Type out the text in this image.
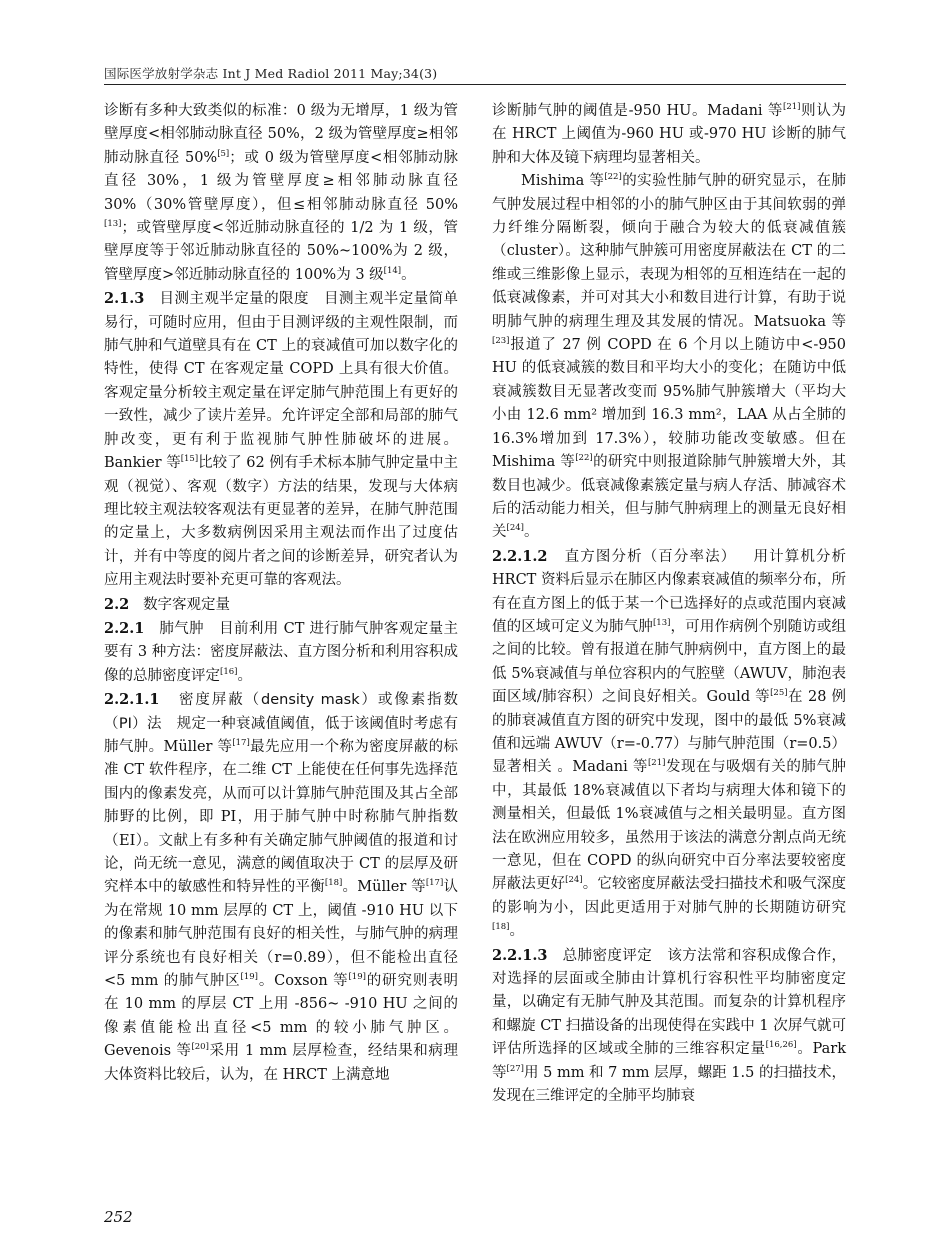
国际医学放射学杂志 Int J Med Radiol 2011 May;34(3)

诊断有多种大致类似的标准：0 级为无增厚，1 级为管壁厚度<相邻肺动脉直径 50%，2 级为管壁厚度≥相邻肺动脉直径 50%[5]；或 0 级为管壁厚度<相邻肺动脉直径 30%，1 级为管壁厚度≥相邻肺动脉直径 30%（30%管壁厚度），但≤相邻肺动脉直径 50%[13]；或管壁厚度<邻近肺动脉直径的 1/2 为 1 级，管壁厚度等于邻近肺动脉直径的 50%~100%为 2 级，管壁厚度>邻近肺动脉直径的 100%为 3 级[14]。

2.1.3 目测主观半定量的限度 目测主观半定量简单易行，可随时应用，但由于目测评级的主观性限制，而肺气肿和气道壁具有在 CT 上的衰减值可加以数字化的特性，使得 CT 在客观定量 COPD 上具有很大价值。客观定量分析较主观定量在评定肺气肿范围上有更好的一致性，减少了读片差异。允许评定全部和局部的肺气肿改变，更有利于监视肺气肿性肺破坏的进展。Bankier 等[15]比较了 62 例有手术标本肺气肿定量中主观（视觉）、客观（数字）方法的结果，发现与大体病理比较主观法较客观法有更显著的差异，在肺气肿范围的定量上，大多数病例因采用主观法而作出了过度估计，并有中等度的阅片者之间的诊断差异，研究者认为应用主观法时要补充更可靠的客观法。

2.2 数字客观定量

2.2.1 肺气肿 目前利用 CT 进行肺气肿客观定量主要有 3 种方法：密度屏蔽法、直方图分析和利用容积成像的总肺密度评定[16]。

2.2.1.1 密度屏蔽（density mask）或像素指数（PI）法 规定一种衰减值阈值，低于该阈值时考虑有肺气肿。Müller 等[17]最先应用一个称为密度屏蔽的标准 CT 软件程序，在二维 CT 上能使在任何事先选择范围内的像素发亮，从而可以计算肺气肿范围及其占全部肺野的比例，即 PI，用于肺气肿中时称肺气肿指数（EI）。文献上有多种有关确定肺气肿阈值的报道和讨论，尚无统一意见，满意的阈值取决于 CT 的层厚及研究样本中的敏感性和特异性的平衡[18]。Müller 等[17]认为在常规 10 mm 层厚的 CT 上，阈值 -910 HU 以下的像素和肺气肿范围有良好的相关性，与肺气肿的病理评分系统也有良好相关（r=0.89），但不能检出直径<5 mm 的肺气肿区[19]。Coxson 等[19]的研究则表明在 10 mm 的厚层 CT 上用 -856~ -910 HU 之间的像素值能检出直径<5 mm 的较小肺气肿区。Gevenois 等[20]采用 1 mm 层厚检查，经结果和病理大体资料比较后，认为，在 HRCT 上满意地

诊断肺气肿的阈值是-950 HU。Madani 等[21]则认为在 HRCT 上阈值为-960 HU 或-970 HU 诊断的肺气肿和大体及镜下病理均显著相关。

Mishima 等[22]的实验性肺气肿的研究显示，在肺气肿发展过程中相邻的小的肺气肿区由于其间软弱的弹力纤维分隔断裂，倾向于融合为较大的低衰减值簇（cluster）。这种肺气肿簇可用密度屏蔽法在 CT 的二维或三维影像上显示，表现为相邻的互相连结在一起的低衰减像素，并可对其大小和数目进行计算，有助于说明肺气肿的病理生理及其发展的情况。Matsuoka 等[23]报道了 27 例 COPD 在 6 个月以上随访中<-950 HU 的低衰减簇的数目和平均大小的变化；在随访中低衰减簇数目无显著改变而 95%肺气肿簇增大（平均大小由 12.6 mm² 增加到 16.3 mm²，LAA 从占全肺的 16.3%增加到 17.3%），较肺功能改变敏感。但在 Mishima 等[22]的研究中则报道除肺气肿簇增大外，其数目也减少。低衰减像素簇定量与病人存活、肺减容术后的活动能力相关，但与肺气肿病理上的测量无良好相关[24]。

2.2.1.2 直方图分析（百分率法） 用计算机分析 HRCT 资料后显示在肺区内像素衰减值的频率分布，所有在直方图上的低于某一个已选择好的点或范围内衰减值的区域可定义为肺气肿[13]，可用作病例个别随访或组之间的比较。曾有报道在肺气肿病例中，直方图上的最低 5%衰减值与单位容积内的气腔壁（AWUV，肺泡表面区域/肺容积）之间良好相关。Gould 等[25]在 28 例的肺衰减值直方图的研究中发现，图中的最低 5%衰减值和远端 AWUV（r=-0.77）与肺气肿范围（r=0.5）显著相关 。Madani 等[21]发现在与吸烟有关的肺气肿中，其最低 18%衰减值以下者均与病理大体和镜下的测量相关，但最低 1%衰减值与之相关最明显。直方图法在欧洲应用较多，虽然用于该法的满意分割点尚无统一意见，但在 COPD 的纵向研究中百分率法要较密度屏蔽法更好[24]。它较密度屏蔽法受扫描技术和吸气深度的影响为小，因此更适用于对肺气肿的长期随访研究[18]。

2.2.1.3 总肺密度评定 该方法常和容积成像合作，对选择的层面或全肺由计算机行容积性平均肺密度定量，以确定有无肺气肿及其范围。而复杂的计算机程序和螺旋 CT 扫描设备的出现使得在实践中 1 次屏气就可评估所选择的区域或全肺的三维容积定量[16,26]。Park 等[27]用 5 mm 和 7 mm 层厚，螺距 1.5 的扫描技术，发现在三维评定的全肺平均肺衰

252
